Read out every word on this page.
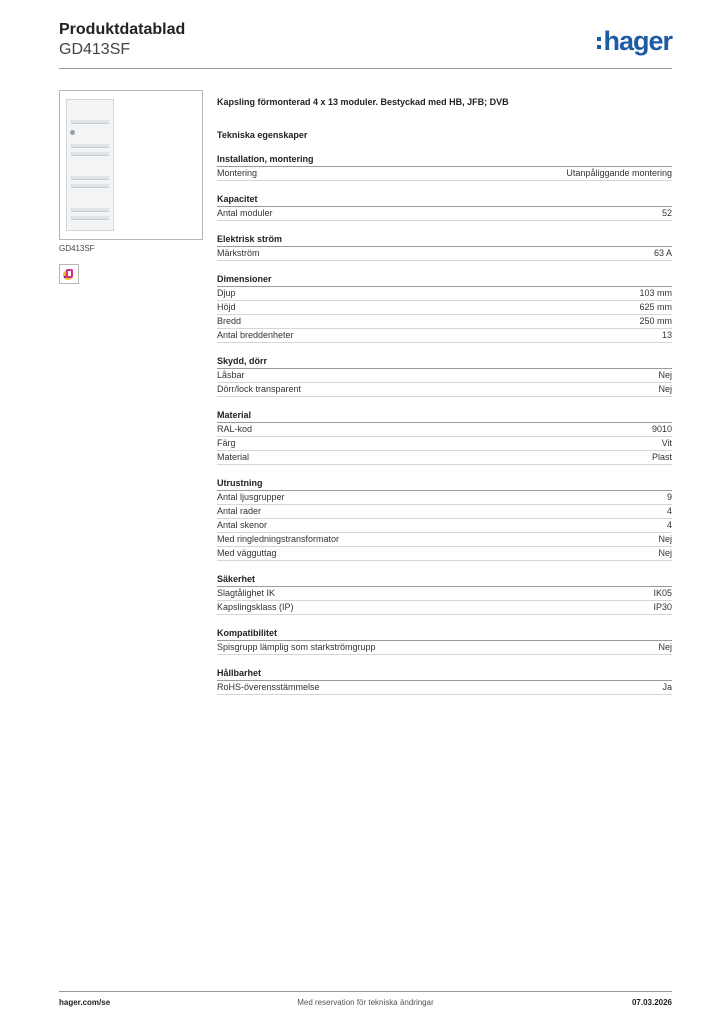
Produktdatablad
GD413SF	hager
GD413SF
Kapsling förmonterad 4 x 13 moduler. Bestyckad med HB, JFB; DVB
Tekniska egenskaper
Installation, montering
Montering	Utanpåliggande montering
Kapacitet
Antal moduler	52
Elektrisk ström
Märkström	63 A
Dimensioner
Djup	103 mm
Höjd	625 mm
Bredd	250 mm
Antal breddenheter	13
Skydd, dörr
Låsbar	Nej
Dörr/lock transparent	Nej
Material
RAL-kod	9010
Färg	Vit
Material	Plast
Utrustning
Antal ljusgrupper	9
Antal rader	4
Antal skenor	4
Med ringledningstransformator	Nej
Med vägguttag	Nej
Säkerhet
Slagtålighet IK	IK05
Kapslingsklass (IP)	IP30
Kompatibilitet
Spisgrupp lämplig som starkströmgrupp	Nej
Hållbarhet
RoHS-överensstämmelse	Ja
hager.com/se	Med reservation för tekniska ändringar	07.03.2026
